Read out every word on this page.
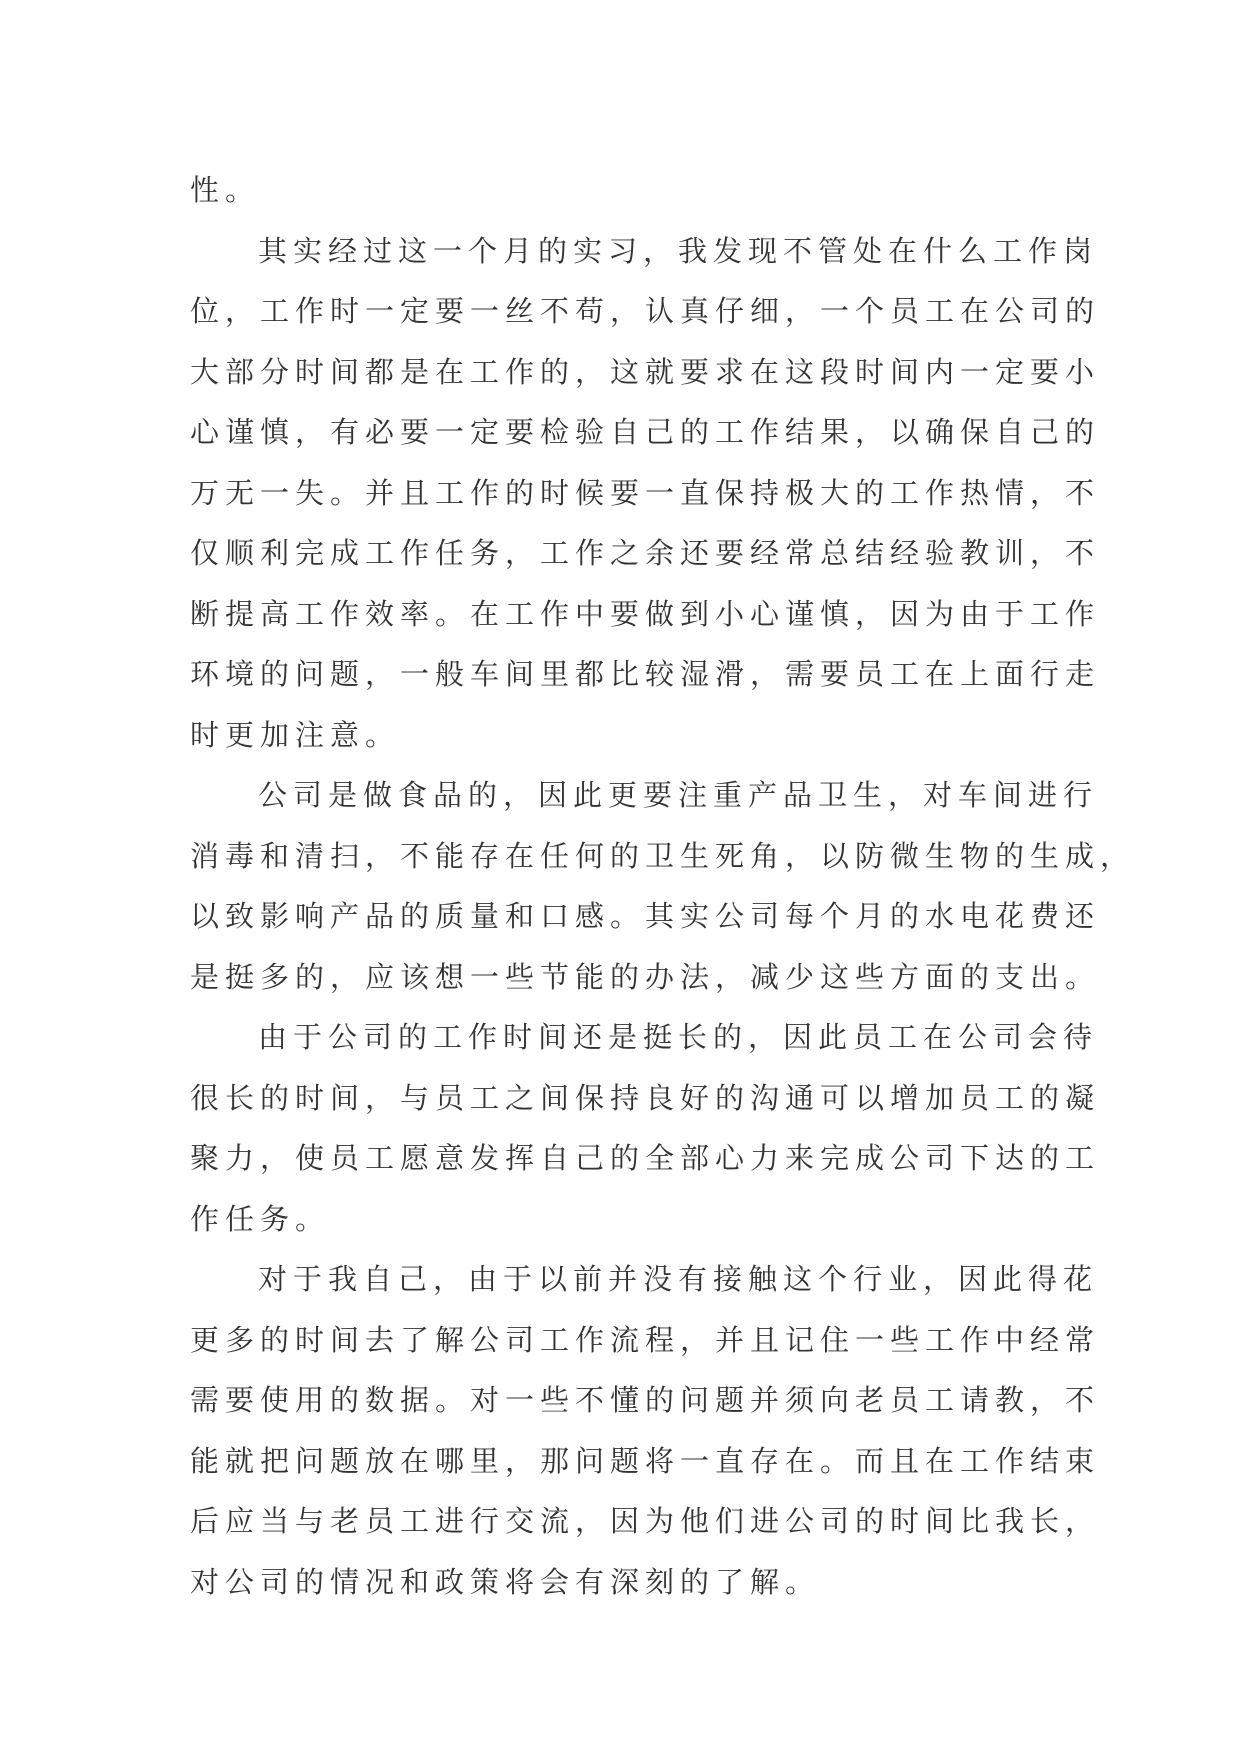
性。
其实经过这一个月的实习，我发现不管处在什么工作岗
位，工作时一定要一丝不苟，认真仔细，一个员工在公司的
大部分时间都是在工作的，这就要求在这段时间内一定要小
心谨慎，有必要一定要检验自己的工作结果，以确保自己的
万无一失。并且工作的时候要一直保持极大的工作热情，不
仅顺利完成工作任务，工作之余还要经常总结经验教训，不
断提高工作效率。在工作中要做到小心谨慎，因为由于工作
环境的问题，一般车间里都比较湿滑，需要员工在上面行走
时更加注意。
公司是做食品的，因此更要注重产品卫生，对车间进行
消毒和清扫，不能存在任何的卫生死角，以防微生物的生成，
以致影响产品的质量和口感。其实公司每个月的水电花费还
是挺多的，应该想一些节能的办法，减少这些方面的支出。
由于公司的工作时间还是挺长的，因此员工在公司会待
很长的时间，与员工之间保持良好的沟通可以增加员工的凝
聚力，使员工愿意发挥自己的全部心力来完成公司下达的工
作任务。
对于我自己，由于以前并没有接触这个行业，因此得花
更多的时间去了解公司工作流程，并且记住一些工作中经常
需要使用的数据。对一些不懂的问题并须向老员工请教，不
能就把问题放在哪里，那问题将一直存在。而且在工作结束
后应当与老员工进行交流，因为他们进公司的时间比我长，
对公司的情况和政策将会有深刻的了解。
